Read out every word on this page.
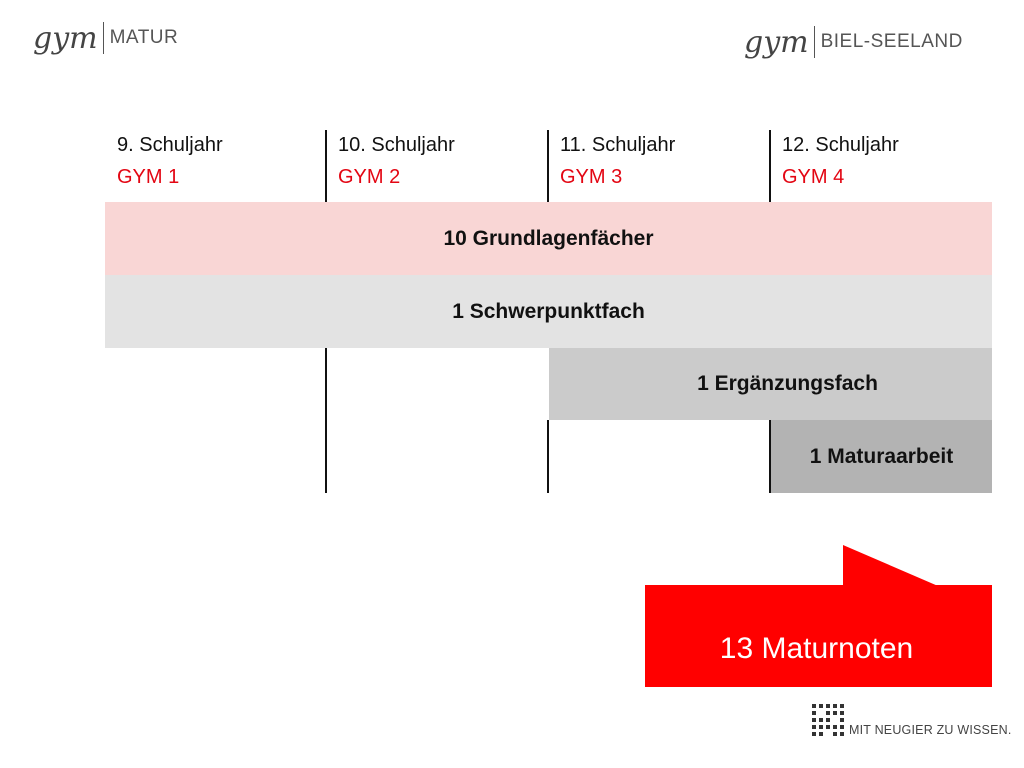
gym MATUR	gym BIEL-SEELAND
9. Schuljahr
GYM 1
10. Schuljahr
GYM 2
11. Schuljahr
GYM 3
12. Schuljahr
GYM 4
10 Grundlagenfächer
1 Schwerpunktfach
1 Ergänzungsfach
1 Maturaarbeit
13 Maturnoten
MIT NEUGIER ZU WISSEN.
